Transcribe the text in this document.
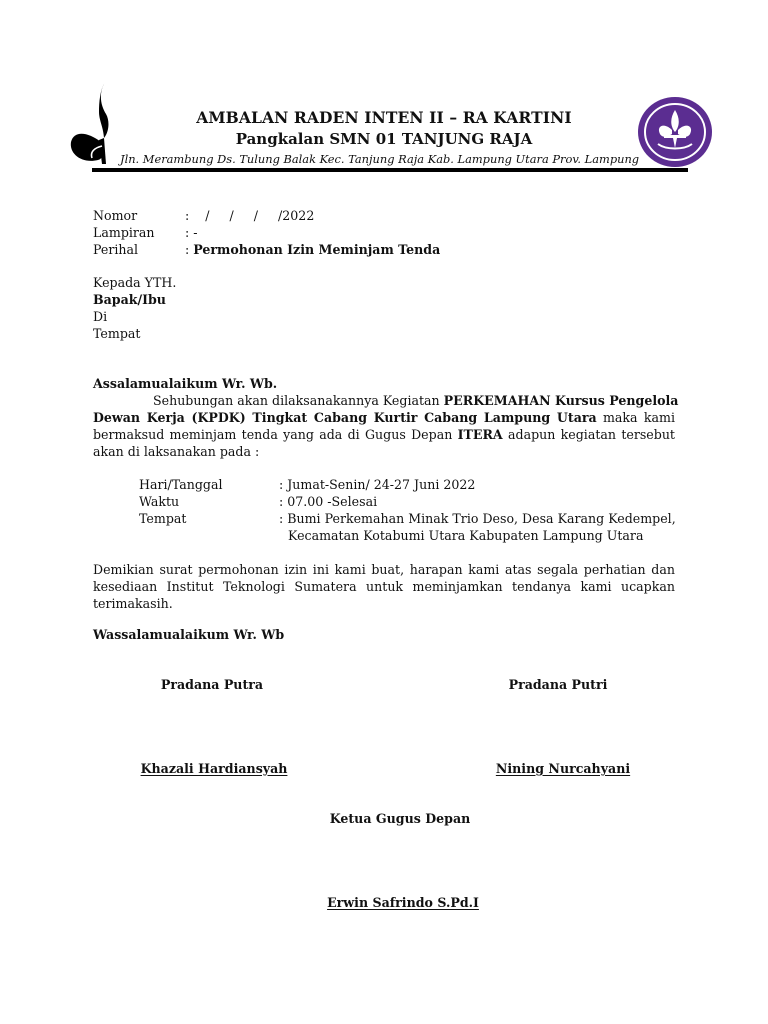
AMBALAN RADEN INTEN II – RA KARTINI
Pangkalan SMN 01 TANJUNG RAJA
Jln. Merambung Ds. Tulung Balak Kec. Tanjung Raja Kab. Lampung Utara Prov. Lampung
Nomor	:    /     /     /     /2022
Lampiran : -
Perihal	: Permohonan Izin Meminjam Tenda
Kepada YTH.
Bapak/Ibu
Di
Tempat
Assalamualaikum Wr. Wb.
Sehubungan akan dilaksanakannya Kegiatan PERKEMAHAN Kursus Pengelola
Dewan Kerja (KPDK) Tingkat Cabang Kurtir Cabang Lampung Utara maka kami
bermaksud meminjam tenda yang ada di Gugus Depan ITERA adapun kegiatan tersebut
akan di laksanakan pada :
Hari/Tanggal	: Jumat-Senin/ 24-27 Juni 2022
Waktu	: 07.00 -Selesai
Tempat	: Bumi Perkemahan Minak Trio Deso, Desa Karang Kedempel,
Kecamatan Kotabumi Utara Kabupaten Lampung Utara
Demikian surat permohonan izin ini kami buat, harapan kami atas segala perhatian dan
kesediaan Institut Teknologi Sumatera untuk meminjamkan tendanya kami ucapkan
terimakasih.
Wassalamualaikum Wr. Wb
Pradana Putra	Pradana Putri
Khazali Hardiansyah	Nining Nurcahyani
Ketua Gugus Depan
Erwin Safrindo S.Pd.I
